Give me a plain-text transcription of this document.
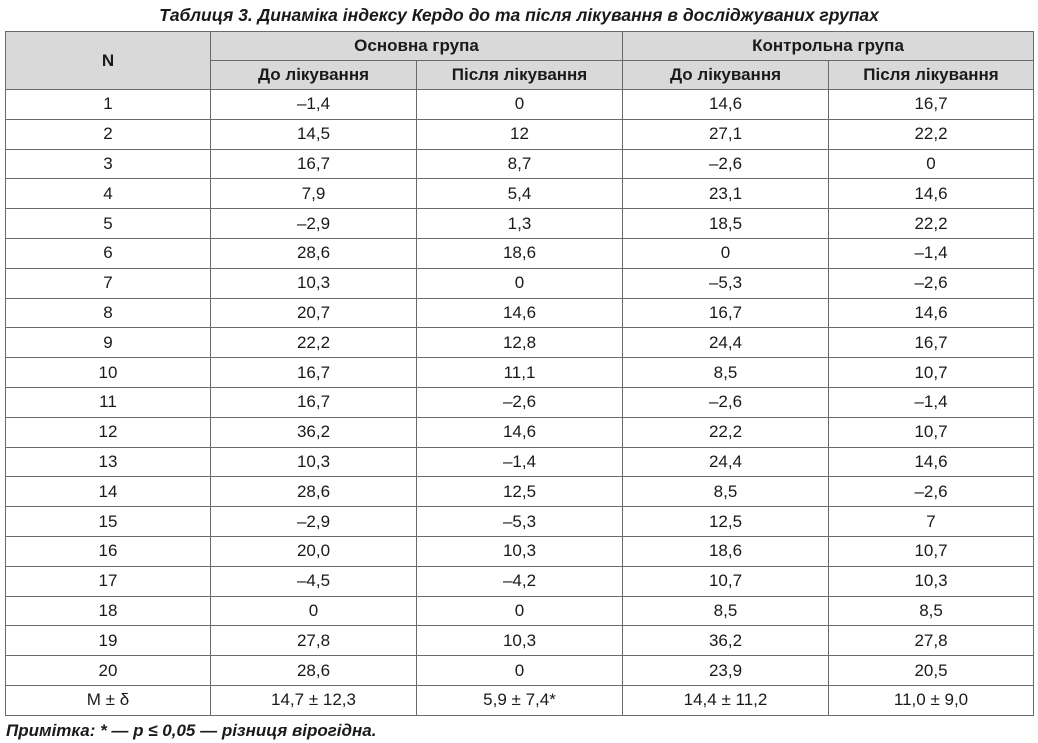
Таблиця 3. Динаміка індексу Кердо до та після лікування в досліджуваних групах
N	Основна група		Контрольна група	
	До лікування	Після лікування	До лікування	Після лікування
1	–1,4	0	14,6	16,7
2	14,5	12	27,1	22,2
3	16,7	8,7	–2,6	0
4	7,9	5,4	23,1	14,6
5	–2,9	1,3	18,5	22,2
6	28,6	18,6	0	–1,4
7	10,3	0	–5,3	–2,6
8	20,7	14,6	16,7	14,6
9	22,2	12,8	24,4	16,7
10	16,7	11,1	8,5	10,7
11	16,7	–2,6	–2,6	–1,4
12	36,2	14,6	22,2	10,7
13	10,3	–1,4	24,4	14,6
14	28,6	12,5	8,5	–2,6
15	–2,9	–5,3	12,5	7
16	20,0	10,3	18,6	10,7
17	–4,5	–4,2	10,7	10,3
18	0	0	8,5	8,5
19	27,8	10,3	36,2	27,8
20	28,6	0	23,9	20,5
M ± δ	14,7 ± 12,3	5,9 ± 7,4*	14,4 ± 11,2	11,0 ± 9,0
Примітка: * — р ≤ 0,05 — різниця вірогідна.
